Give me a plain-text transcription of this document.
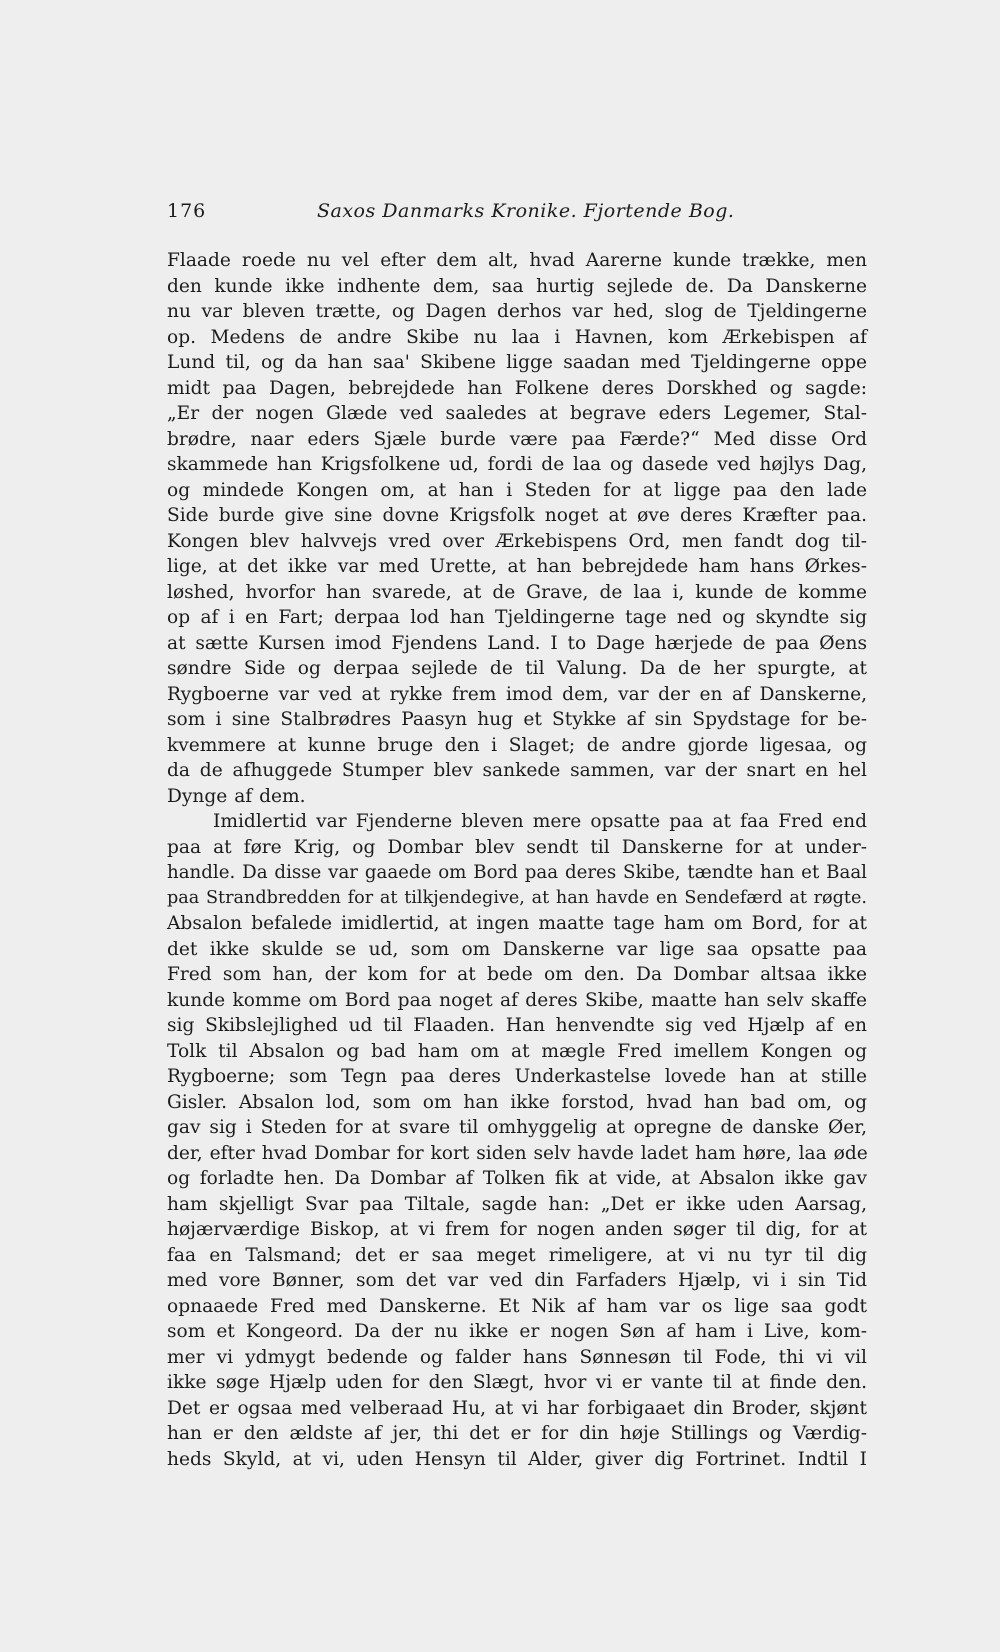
176	Saxos Danmarks Kronike. Fjortende Bog.
Flaade roede nu vel efter dem alt, hvad Aarerne kunde trække, men
den kunde ikke indhente dem, saa hurtig sejlede de. Da Danskerne
nu var bleven trætte, og Dagen derhos var hed, slog de Tjeldingerne
op. Medens de andre Skibe nu laa i Havnen, kom Ærkebispen af
Lund til, og da han saa' Skibene ligge saadan med Tjeldingerne oppe
midt paa Dagen, bebrejdede han Folkene deres Dorskhed og sagde:
„Er der nogen Glæde ved saaledes at begrave eders Legemer, Stal-
brødre, naar eders Sjæle burde være paa Færde?“ Med disse Ord
skammede han Krigsfolkene ud, fordi de laa og dasede ved højlys Dag,
og mindede Kongen om, at han i Steden for at ligge paa den lade
Side burde give sine dovne Krigsfolk noget at øve deres Kræfter paa.
Kongen blev halvvejs vred over Ærkebispens Ord, men fandt dog til-
lige, at det ikke var med Urette, at han bebrejdede ham hans Ørkes-
løshed, hvorfor han svarede, at de Grave, de laa i, kunde de komme
op af i en Fart; derpaa lod han Tjeldingerne tage ned og skyndte sig
at sætte Kursen imod Fjendens Land. I to Dage hærjede de paa Øens
søndre Side og derpaa sejlede de til Valung. Da de her spurgte, at
Rygboerne var ved at rykke frem imod dem, var der en af Danskerne,
som i sine Stalbrødres Paasyn hug et Stykke af sin Spydstage for be-
kvemmere at kunne bruge den i Slaget; de andre gjorde ligesaa, og
da de afhuggede Stumper blev sankede sammen, var der snart en hel
Dynge af dem.
Imidlertid var Fjenderne bleven mere opsatte paa at faa Fred end
paa at føre Krig, og Dombar blev sendt til Danskerne for at under-
handle. Da disse var gaaede om Bord paa deres Skibe, tændte han et Baal
paa Strandbredden for at tilkjendegive, at han havde en Sendefærd at røgte.
Absalon befalede imidlertid, at ingen maatte tage ham om Bord, for at
det ikke skulde se ud, som om Danskerne var lige saa opsatte paa
Fred som han, der kom for at bede om den. Da Dombar altsaa ikke
kunde komme om Bord paa noget af deres Skibe, maatte han selv skaffe
sig Skibslejlighed ud til Flaaden. Han henvendte sig ved Hjælp af en
Tolk til Absalon og bad ham om at mægle Fred imellem Kongen og
Rygboerne; som Tegn paa deres Underkastelse lovede han at stille
Gisler. Absalon lod, som om han ikke forstod, hvad han bad om, og
gav sig i Steden for at svare til omhyggelig at opregne de danske Øer,
der, efter hvad Dombar for kort siden selv havde ladet ham høre, laa øde
og forladte hen. Da Dombar af Tolken fik at vide, at Absalon ikke gav
ham skjelligt Svar paa Tiltale, sagde han: „Det er ikke uden Aarsag,
højærværdige Biskop, at vi frem for nogen anden søger til dig, for at
faa en Talsmand; det er saa meget rimeligere, at vi nu tyr til dig
med vore Bønner, som det var ved din Farfaders Hjælp, vi i sin Tid
opnaaede Fred med Danskerne. Et Nik af ham var os lige saa godt
som et Kongeord. Da der nu ikke er nogen Søn af ham i Live, kom-
mer vi ydmygt bedende og falder hans Sønnesøn til Fode, thi vi vil
ikke søge Hjælp uden for den Slægt, hvor vi er vante til at finde den.
Det er ogsaa med velberaad Hu, at vi har forbigaaet din Broder, skjønt
han er den ældste af jer, thi det er for din høje Stillings og Værdig-
heds Skyld, at vi, uden Hensyn til Alder, giver dig Fortrinet. Indtil I
